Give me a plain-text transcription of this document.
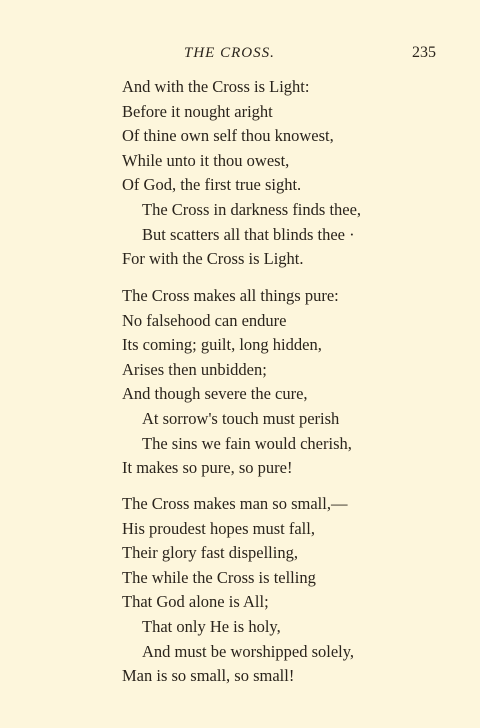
THE CROSS.	235
And with the Cross is Light:
Before it nought aright
Of thine own self thou knowest,
While unto it thou owest,
Of God, the first true sight.
The Cross in darkness finds thee,
But scatters all that blinds thee ·
For with the Cross is Light.
The Cross makes all things pure:
No falsehood can endure
Its coming; guilt, long hidden,
Arises then unbidden;
And though severe the cure,
At sorrow's touch must perish
The sins we fain would cherish,
It makes so pure, so pure!
The Cross makes man so small,—
His proudest hopes must fall,
Their glory fast dispelling,
The while the Cross is telling
That God alone is All;
That only He is holy,
And must be worshipped solely,
Man is so small, so small!
